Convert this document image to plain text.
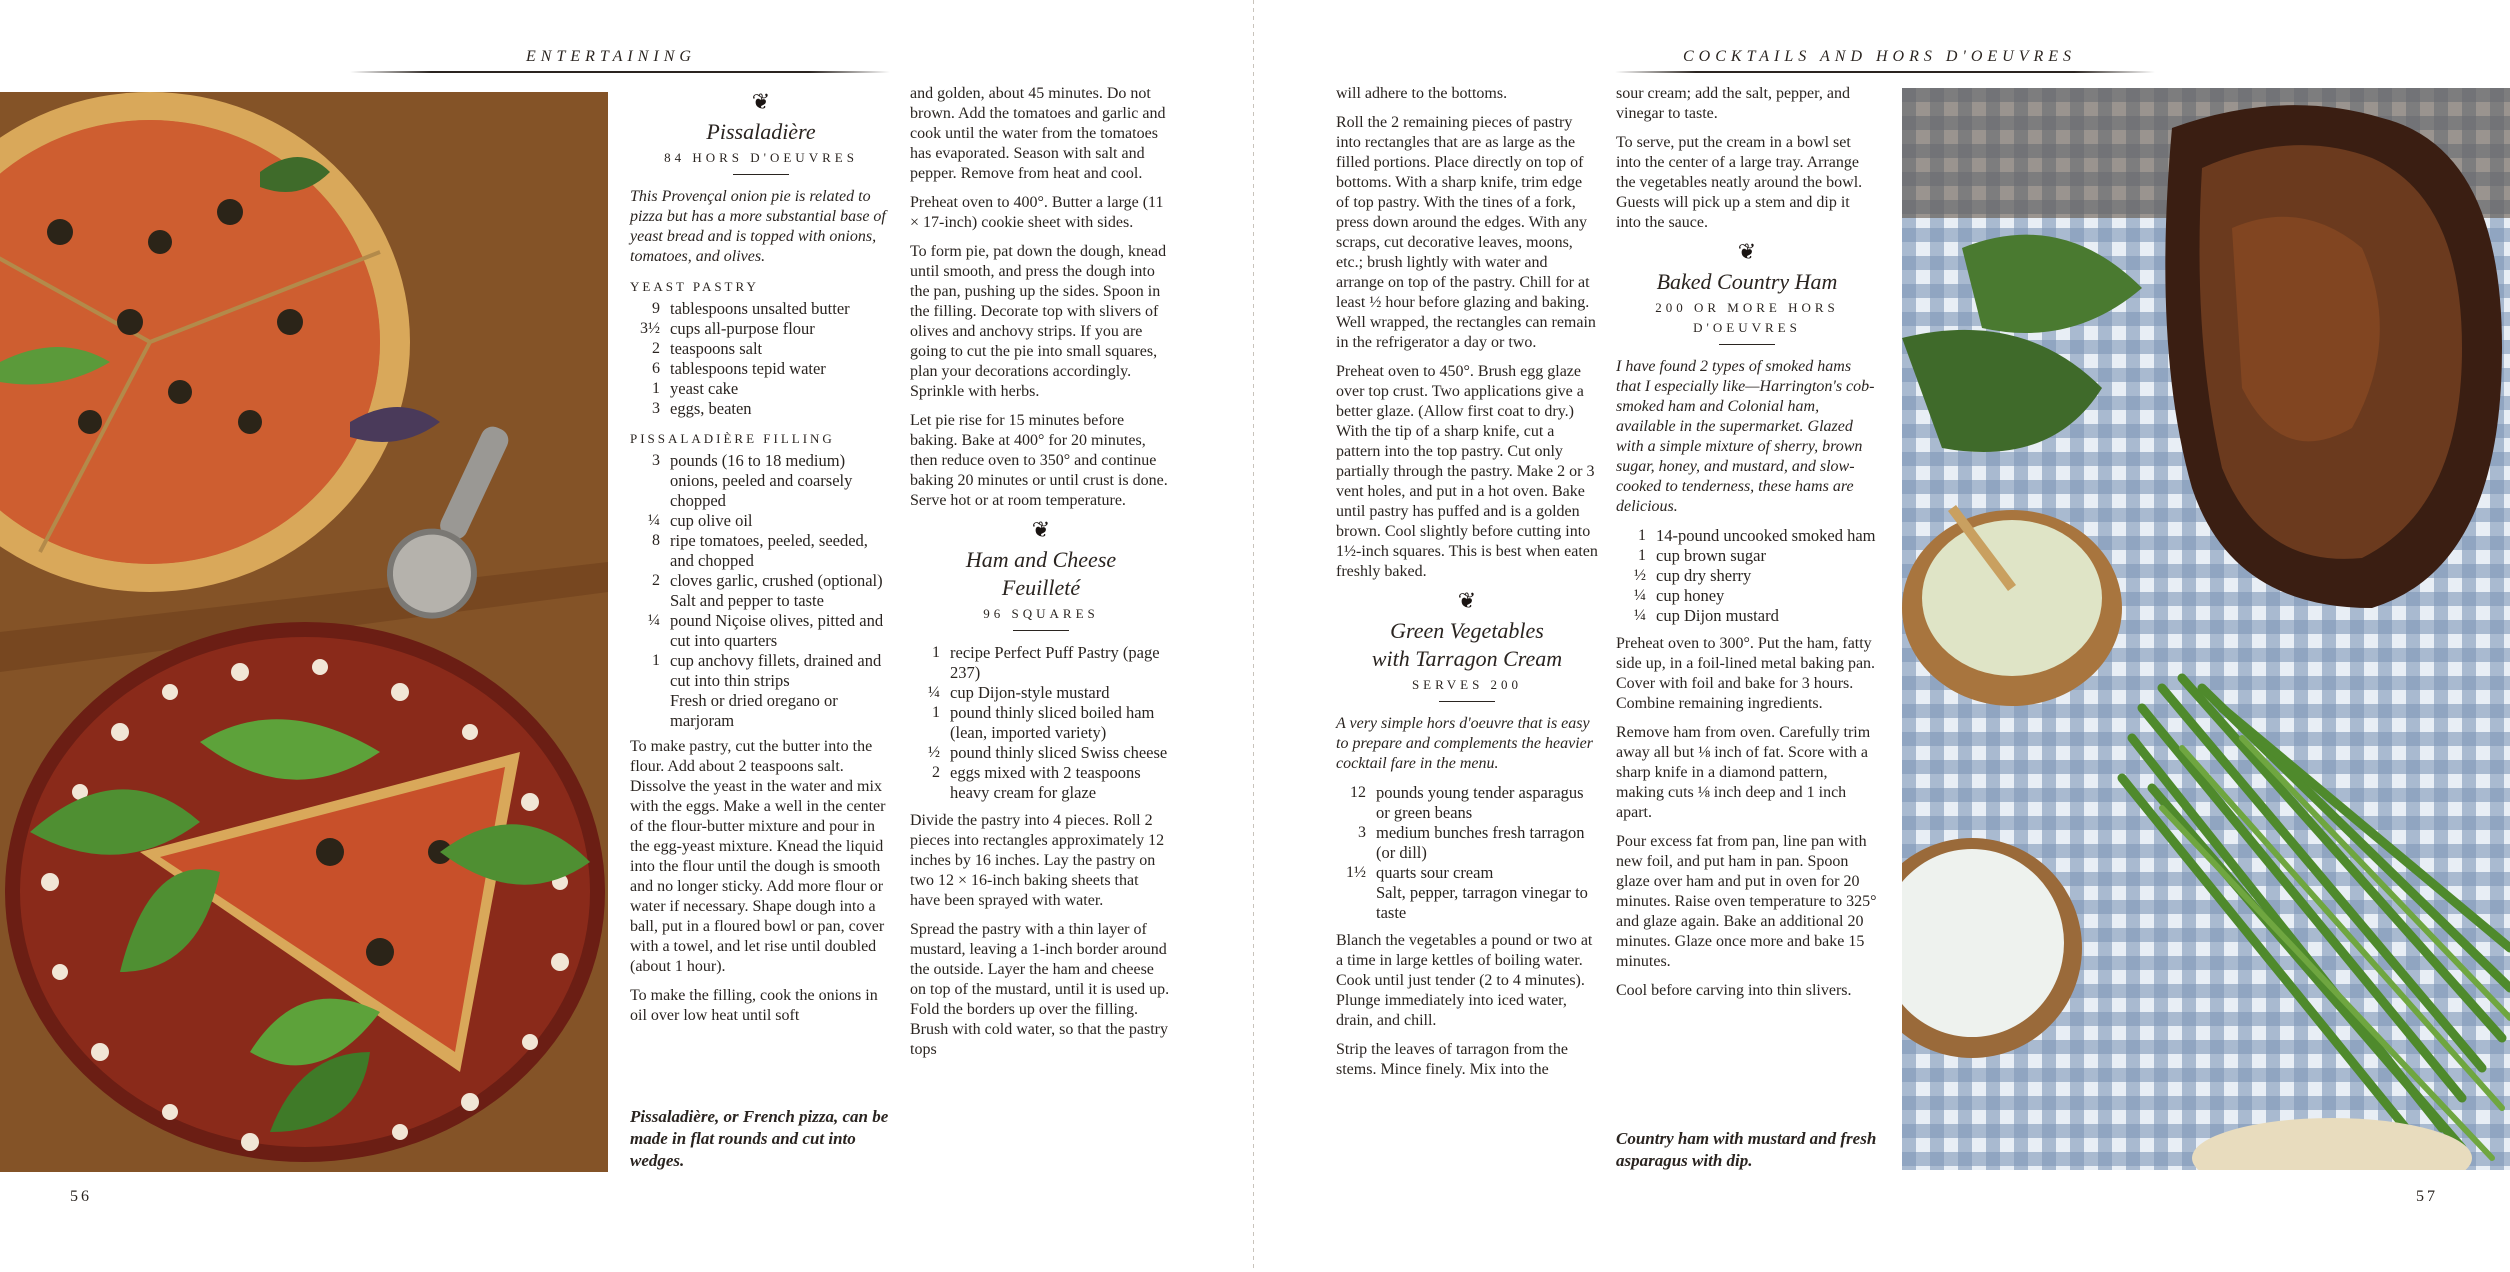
ENTERTAINING
❦
Pissaladière
84 HORS D'OEUVRES

This Provençal onion pie is related to pizza but has a more substantial base of yeast bread and is topped with onions, tomatoes, and olives.

YEAST PASTRY
9 tablespoons unsalted butter
3½ cups all-purpose flour
2 teaspoons salt
6 tablespoons tepid water
1 yeast cake
3 eggs, beaten
PISSALADIÈRE FILLING
3 pounds (16 to 18 medium) onions, peeled and coarsely chopped
¼ cup olive oil
8 ripe tomatoes, peeled, seeded, and chopped
2 cloves garlic, crushed (optional)
Salt and pepper to taste
¼ pound Niçoise olives, pitted and cut into quarters
1 cup anchovy fillets, drained and cut into thin strips
Fresh or dried oregano or marjoram

To make pastry, cut the butter into the flour. Add about 2 teaspoons salt. Dissolve the yeast in the water and mix with the eggs. Make a well in the center of the flour-butter mixture and pour in the egg-yeast mixture. Knead the liquid into the flour until the dough is smooth and no longer sticky. Add more flour or water if necessary. Shape dough into a ball, put in a floured bowl or pan, cover with a towel, and let rise until doubled (about 1 hour).

To make the filling, cook the onions in oil over low heat until soft

Pissaladière, or French pizza, can be made in flat rounds and cut into wedges.

and golden, about 45 minutes. Do not brown. Add the tomatoes and garlic and cook until the water from the tomatoes has evaporated. Season with salt and pepper. Remove from heat and cool.

Preheat oven to 400°. Butter a large (11 × 17-inch) cookie sheet with sides.

To form pie, pat down the dough, knead until smooth, and press the dough into the pan, pushing up the sides. Spoon in the filling. Decorate top with slivers of olives and anchovy strips. If you are going to cut the pie into small squares, plan your decorations accordingly. Sprinkle with herbs.

Let pie rise for 15 minutes before baking. Bake at 400° for 20 minutes, then reduce oven to 350° and continue baking 20 minutes or until crust is done. Serve hot or at room temperature.

❦
Ham and Cheese
Feuilleté
96 SQUARES
1 recipe Perfect Puff Pastry (page 237)
¼ cup Dijon-style mustard
1 pound thinly sliced boiled ham (lean, imported variety)
½ pound thinly sliced Swiss cheese
2 eggs mixed with 2 teaspoons heavy cream for glaze

Divide the pastry into 4 pieces. Roll 2 pieces into rectangles approximately 12 inches by 16 inches. Lay the pastry on two 12 × 16-inch baking sheets that have been sprayed with water.

Spread the pastry with a thin layer of mustard, leaving a 1-inch border around the outside. Layer the ham and cheese on top of the mustard, until it is used up. Fold the borders up over the filling. Brush with cold water, so that the pastry tops

56
COCKTAILS AND HORS D'OEUVRES

will adhere to the bottoms.

Roll the 2 remaining pieces of pastry into rectangles that are as large as the filled portions. Place directly on top of bottoms. With a sharp knife, trim edge of top pastry. With the tines of a fork, press down around the edges. With any scraps, cut decorative leaves, moons, etc.; brush lightly with water and arrange on top of the pastry. Chill for at least ½ hour before glazing and baking. Well wrapped, the rectangles can remain in the refrigerator a day or two.

Preheat oven to 450°. Brush egg glaze over top crust. Two applications give a better glaze. (Allow first coat to dry.) With the tip of a sharp knife, cut a pattern into the top pastry. Cut only partially through the pastry. Make 2 or 3 vent holes, and put in a hot oven. Bake until pastry has puffed and is a golden brown. Cool slightly before cutting into 1½-inch squares. This is best when eaten freshly baked.

❦
Green Vegetables
with Tarragon Cream
SERVES 200

A very simple hors d'oeuvre that is easy to prepare and complements the heavier cocktail fare in the menu.

12 pounds young tender asparagus or green beans
3 medium bunches fresh tarragon (or dill)
1½ quarts sour cream
Salt, pepper, tarragon vinegar to taste

Blanch the vegetables a pound or two at a time in large kettles of boiling water. Cook until just tender (2 to 4 minutes). Plunge immediately into iced water, drain, and chill.

Strip the leaves of tarragon from the stems. Mince finely. Mix into the

sour cream; add the salt, pepper, and vinegar to taste.

To serve, put the cream in a bowl set into the center of a large tray. Arrange the vegetables neatly around the bowl. Guests will pick up a stem and dip it into the sauce.

❦
Baked Country Ham
200 OR MORE HORS
D'OEUVRES

I have found 2 types of smoked hams that I especially like—Harrington's cob-smoked ham and Colonial ham, available in the supermarket. Glazed with a simple mixture of sherry, brown sugar, honey, and mustard, and slow-cooked to tenderness, these hams are delicious.

1 14-pound uncooked smoked ham
1 cup brown sugar
½ cup dry sherry
¼ cup honey
¼ cup Dijon mustard

Preheat oven to 300°. Put the ham, fatty side up, in a foil-lined metal baking pan. Cover with foil and bake for 3 hours. Combine remaining ingredients.

Remove ham from oven. Carefully trim away all but ⅛ inch of fat. Score with a sharp knife in a diamond pattern, making cuts ⅛ inch deep and 1 inch apart.

Pour excess fat from pan, line pan with new foil, and put ham in pan. Spoon glaze over ham and put in oven for 20 minutes. Raise oven temperature to 325° and glaze again. Bake an additional 20 minutes. Glaze once more and bake 15 minutes.

Cool before carving into thin slivers.

Country ham with mustard and fresh asparagus with dip.
57
